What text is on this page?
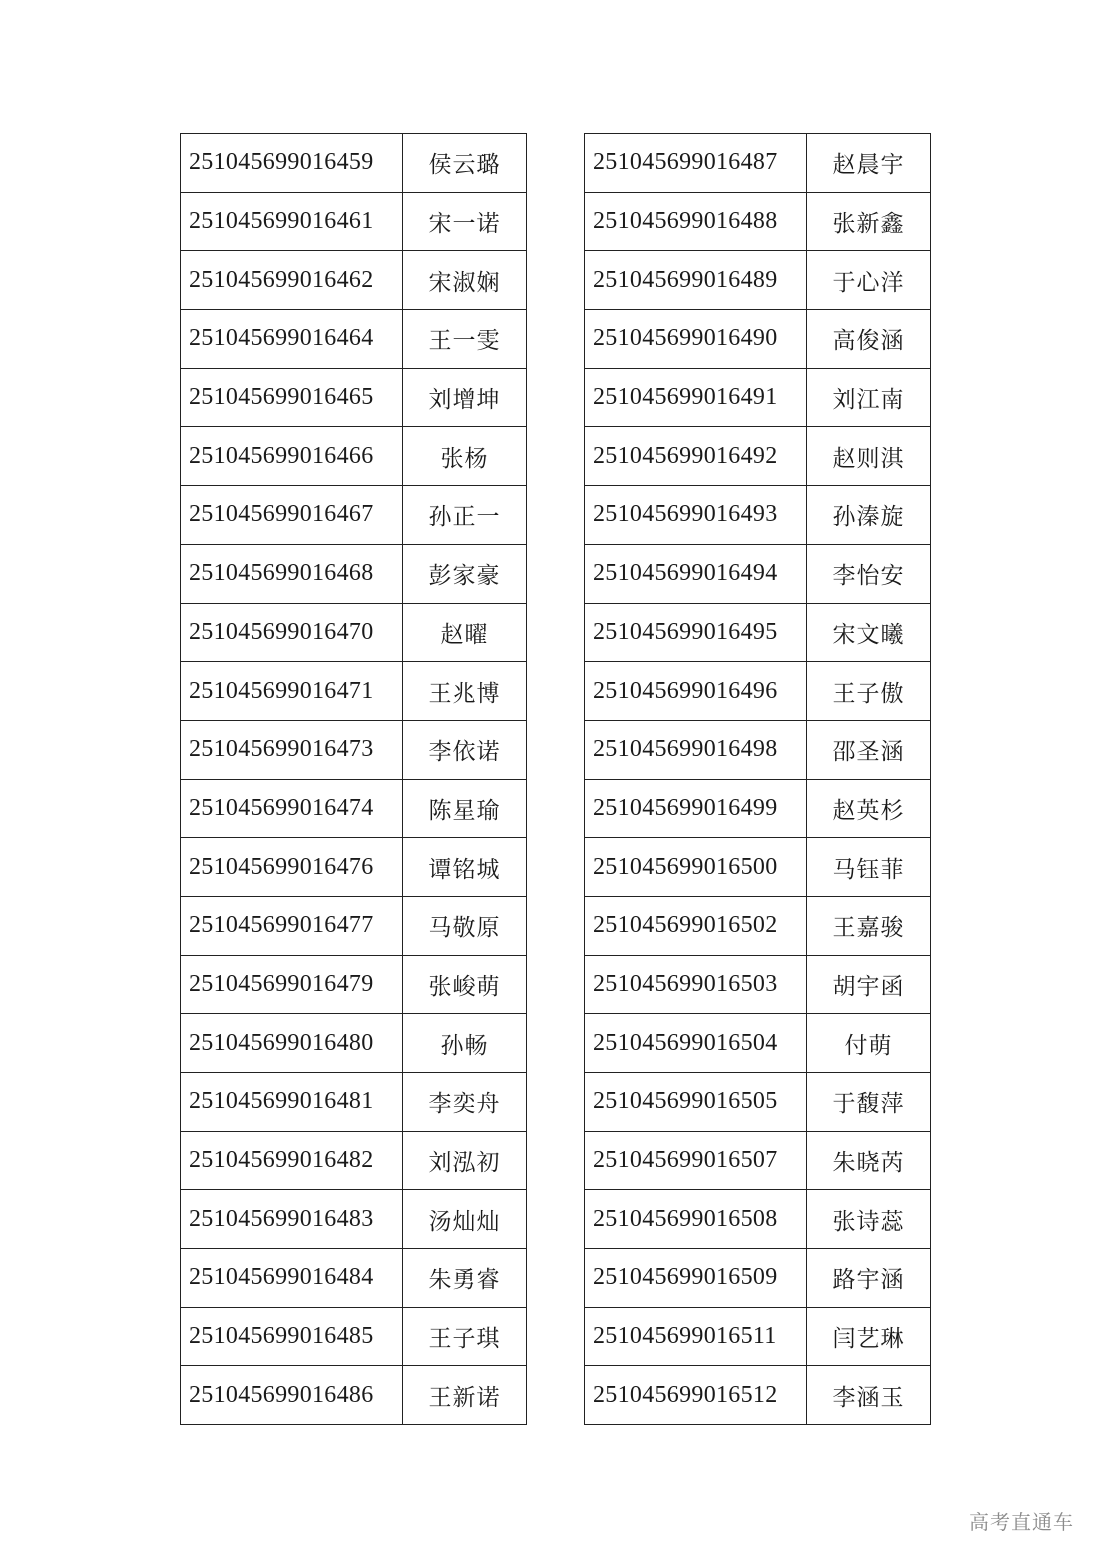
251045699016459	侯云璐
251045699016461	宋一诺
251045699016462	宋淑娴
251045699016464	王一雯
251045699016465	刘增坤
251045699016466	张杨
251045699016467	孙正一
251045699016468	彭家豪
251045699016470	赵曜
251045699016471	王兆博
251045699016473	李依诺
251045699016474	陈星瑜
251045699016476	谭铭城
251045699016477	马敬原
251045699016479	张峻萌
251045699016480	孙畅
251045699016481	李奕舟
251045699016482	刘泓初
251045699016483	汤灿灿
251045699016484	朱勇睿
251045699016485	王子琪
251045699016486	王新诺
251045699016487	赵晨宇
251045699016488	张新鑫
251045699016489	于心洋
251045699016490	高俊涵
251045699016491	刘江南
251045699016492	赵则淇
251045699016493	孙溱旋
251045699016494	李怡安
251045699016495	宋文曦
251045699016496	王子傲
251045699016498	邵圣涵
251045699016499	赵英杉
251045699016500	马钰菲
251045699016502	王嘉骏
251045699016503	胡宇函
251045699016504	付萌
251045699016505	于馥萍
251045699016507	朱晓芮
251045699016508	张诗蕊
251045699016509	路宇涵
251045699016511	闫艺琳
251045699016512	李涵玉
高考直通车
